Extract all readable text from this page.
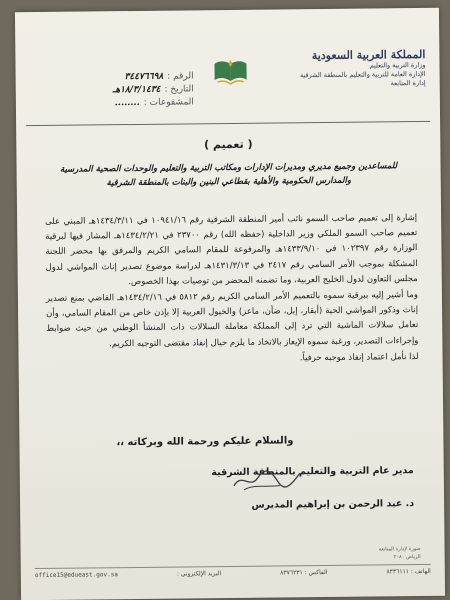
المملكة العربية السعودية
وزارة التربية والتعليم
الإدارة العامة للتربية والتعليم بالمنطقة الشرقية
إدارة المتابعة
الرقم :
٣٤٤٧٦٦٩٨
التاريخ :
١٨/٣/١٤٣٤هـ
المشفوعات :
........
( تعميم )
للمساعدين وجميع مديري ومديرات الإدارات ومكاتب التربية والتعليم والوحدات الصحية المدرسية والمدارس الحكومية والأهلية بقطاعي البنين والبنات بالمنطقة الشرقية

إشارة إلى تعميم صاحب السمو نائب أمير المنطقة الشرقية رقم ١٠٩٤١/١٦ في ١٤٣٤/٣/١١هـ المبني على تعميم صاحب السمو الملكي وزير الداخلية (حفظه الله) رقم ٢٣٧٠٠ في ١٤٣٤/٢/٢١هـ المشار فيها لبرقية الوزارة رقم ١٠٢٣٩٧ في ١٤٣٣/٩/١٠هـ والمرفوعة للمقام السامي الكريم والمرفق بها محضر اللجنة المشكلة بموجب الأمر السامي رقم ٢٤١٧ في ١٤٣١/٣/١٣هـ لدراسة موضوع تصدير إناث المواشي لدول مجلس التعاون لدول الخليج العربية، وما تضمنه المحضر من توصيات بهذا الخصوص.

وما أشير إليه ببرقية سموه بالتعميم الأمر السامي الكريم رقم ٥٨١٢ في ١٤٣٤/٢/١٦هـ القاضي بمنع تصدير إناث وذكور المواشي الحية (أبقار، إبل، ضأن، ماعز) والخيول العربية إلا بإذن خاص من المقام السامي، وأن تعامل سلالات الماشية التي ترد إلى المملكة معاملة السلالات ذات المنشأ الوطني من حيث ضوابط وإجراءات التصدير، ورغبة سموه الإيعاز بالاتخاذ ما يلزم حيال إنفاذ مقتضى التوجيه الكريم.

لذا نأمل اعتماد إنفاذ موجبه حرفياً.

والسلام عليكم ورحمة الله وبركاته ،،
مدير عام التربية والتعليم بالمنطقة الشرقية
د. عبد الرحمن بن إبراهيم المديرس
صورة لإدارة المتابعة
الرياض ٢٠٨٠
الهاتف : ٨٣٣٦١١١
الفاكس : ٨٣٧٦٢٣١
البريد الإلكتروني :
office15@edueast.gov.sa
